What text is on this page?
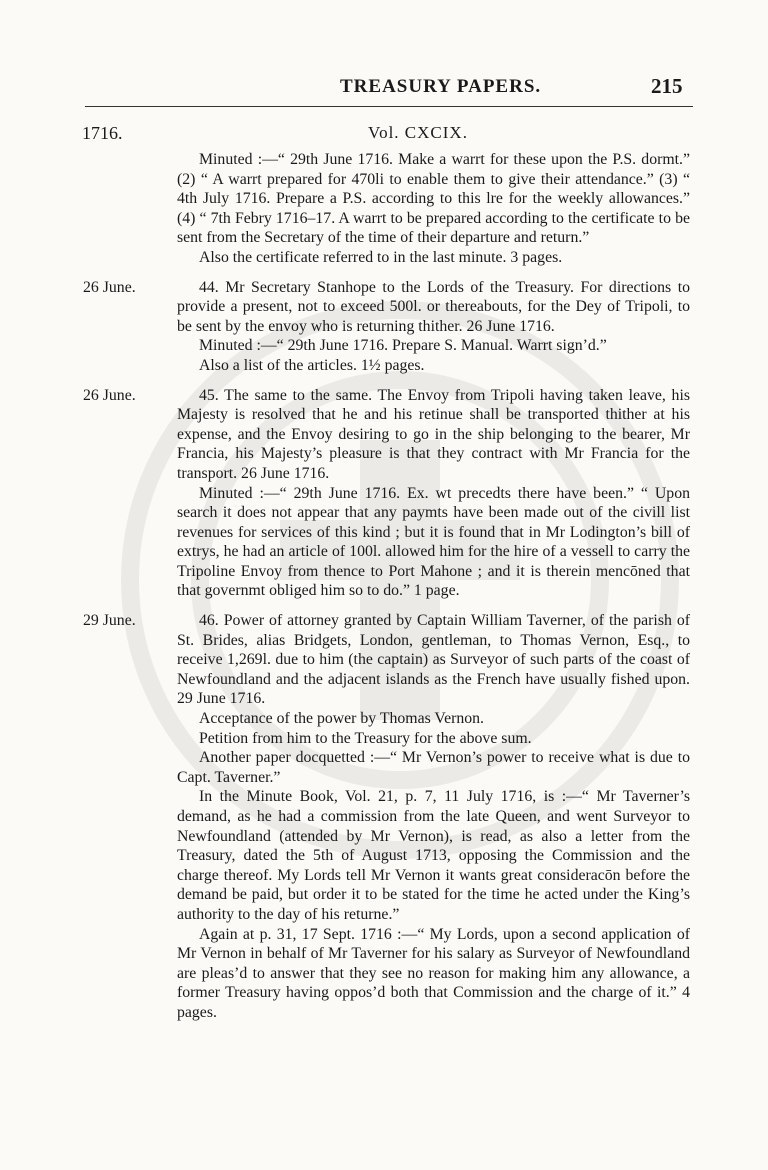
TREASURY PAPERS.	215
1716.	Vol. CXCIX.

Minuted :—“ 29th June 1716. Make a warrt for these upon the P.S. dormt.” (2) “ A warrt prepared for 470li to enable them to give their attendance.” (3) “ 4th July 1716. Prepare a P.S. according to this lre for the weekly allowances.” (4) “ 7th Febry 1716–17. A warrt to be prepared according to the certificate to be sent from the Secretary of the time of their departure and return.”

Also the certificate referred to in the last minute. 3 pages.

26 June.	44. Mr Secretary Stanhope to the Lords of the Treasury. For directions to provide a present, not to exceed 500l. or thereabouts, for the Dey of Tripoli, to be sent by the envoy who is returning thither. 26 June 1716.

Minuted :—“ 29th June 1716. Prepare S. Manual. Warrt sign’d.”

Also a list of the articles. 1½ pages.

26 June.	45. The same to the same. The Envoy from Tripoli having taken leave, his Majesty is resolved that he and his retinue shall be transported thither at his expense, and the Envoy desiring to go in the ship belonging to the bearer, Mr Francia, his Majesty’s pleasure is that they contract with Mr Francia for the transport. 26 June 1716.

Minuted :—“ 29th June 1716. Ex. wt precedts there have been.” “ Upon search it does not appear that any paymts have been made out of the civill list revenues for services of this kind ; but it is found that in Mr Lodington’s bill of extrys, he had an article of 100l. allowed him for the hire of a vessell to carry the Tripoline Envoy from thence to Port Mahone ; and it is therein mencōned that that governmt obliged him so to do.” 1 page.

29 June.	46. Power of attorney granted by Captain William Taverner, of the parish of St. Brides, alias Bridgets, London, gentleman, to Thomas Vernon, Esq., to receive 1,269l. due to him (the captain) as Surveyor of such parts of the coast of Newfoundland and the adjacent islands as the French have usually fished upon. 29 June 1716.

Acceptance of the power by Thomas Vernon.

Petition from him to the Treasury for the above sum.

Another paper docquetted :—“ Mr Vernon’s power to receive what is due to Capt. Taverner.”

In the Minute Book, Vol. 21, p. 7, 11 July 1716, is :—“ Mr Taverner’s demand, as he had a commission from the late Queen, and went Surveyor to Newfoundland (attended by Mr Vernon), is read, as also a letter from the Treasury, dated the 5th of August 1713, opposing the Commission and the charge thereof. My Lords tell Mr Vernon it wants great consideracōn before the demand be paid, but order it to be stated for the time he acted under the King’s authority to the day of his returne.”

Again at p. 31, 17 Sept. 1716 :—“ My Lords, upon a second application of Mr Vernon in behalf of Mr Taverner for his salary as Surveyor of Newfoundland are pleas’d to answer that they see no reason for making him any allowance, a former Treasury having oppos’d both that Commission and the charge of it.” 4 pages.
